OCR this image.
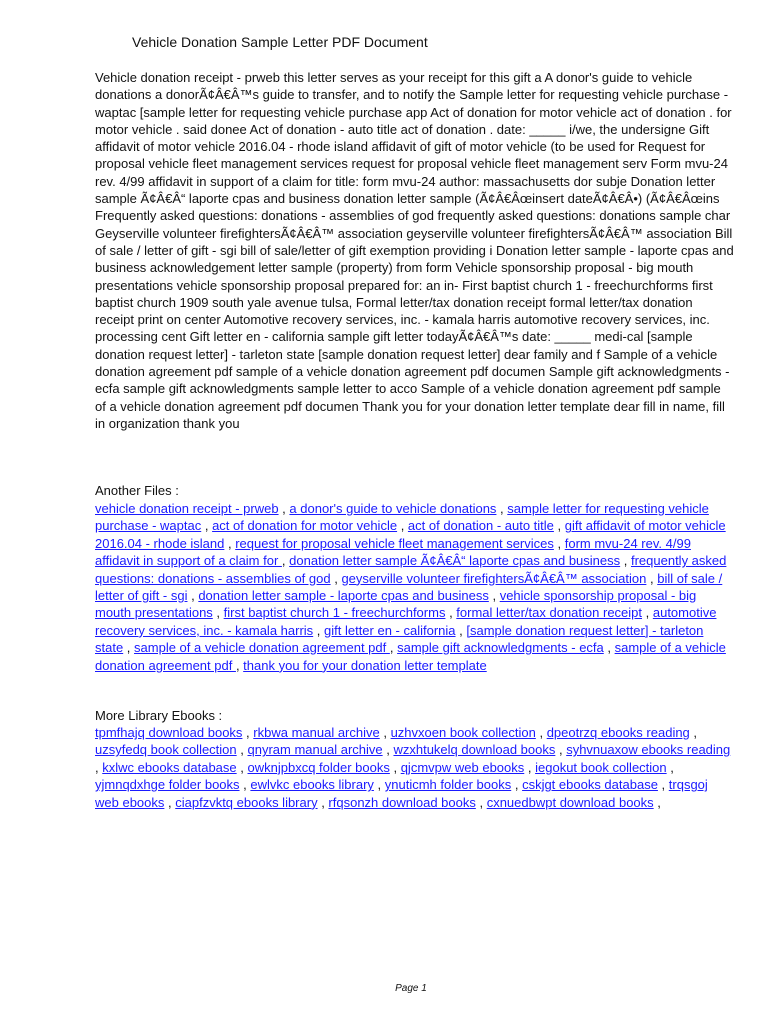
Vehicle Donation Sample Letter PDF Document
Vehicle donation receipt - prweb this letter serves as your receipt for this gift a A donor's guide to vehicle donations a donorÃ¢Â€Â™s guide to transfer, and to notify the Sample letter for requesting vehicle purchase - waptac [sample letter for requesting vehicle purchase app Act of donation for motor vehicle act of donation . for motor vehicle . said donee Act of donation - auto title act of donation . date: _____ i/we, the undersigne Gift affidavit of motor vehicle 2016.04 - rhode island affidavit of gift of motor vehicle (to be used for Request for proposal vehicle fleet management services request for proposal vehicle fleet management serv Form mvu-24 rev. 4/99 affidavit in support of a claim for title: form mvu-24 author: massachusetts dor subje Donation letter sample Ã¢Â€Â“ laporte cpas and business donation letter sample (Ã¢Â€Âœinsert dateÃ¢Â€Â•) (Ã¢Â€Âœins Frequently asked questions: donations - assemblies of god frequently asked questions: donations sample char Geyserville volunteer firefightersÃ¢Â€Â™ association geyserville volunteer firefightersÃ¢Â€Â™ association Bill of sale / letter of gift - sgi bill of sale/letter of gift exemption providing i Donation letter sample - laporte cpas and business acknowledgement letter sample (property) from form Vehicle sponsorship proposal - big mouth presentations vehicle sponsorship proposal prepared for: an in- First baptist church 1 - freechurchforms first baptist church 1909 south yale avenue tulsa, Formal letter/tax donation receipt formal letter/tax donation receipt print on center Automotive recovery services, inc. - kamala harris automotive recovery services, inc. processing cent Gift letter en - california sample gift letter todayÃ¢Â€Â™s date: _____ medi-cal [sample donation request letter] - tarleton state [sample donation request letter] dear family and f Sample of a vehicle donation agreement pdf sample of a vehicle donation agreement pdf documen Sample gift acknowledgments - ecfa sample gift acknowledgments sample letter to acco Sample of a vehicle donation agreement pdf sample of a vehicle donation agreement pdf documen Thank you for your donation letter template dear fill in name, fill in organization thank you
Another Files :
vehicle donation receipt - prweb , a donor's guide to vehicle donations , sample letter for requesting vehicle purchase - waptac , act of donation for motor vehicle , act of donation - auto title , gift affidavit of motor vehicle 2016.04 - rhode island , request for proposal vehicle fleet management services , form mvu-24 rev. 4/99 affidavit in support of a claim for , donation letter sample Ã¢Â€Â“ laporte cpas and business , frequently asked questions: donations - assemblies of god , geyserville volunteer firefightersÃ¢Â€Â™ association , bill of sale / letter of gift - sgi , donation letter sample - laporte cpas and business , vehicle sponsorship proposal - big mouth presentations , first baptist church 1 - freechurchforms , formal letter/tax donation receipt , automotive recovery services, inc. - kamala harris , gift letter en - california , [sample donation request letter] - tarleton state , sample of a vehicle donation agreement pdf , sample gift acknowledgments - ecfa , sample of a vehicle donation agreement pdf , thank you for your donation letter template
More Library Ebooks :
tpmfhajq download books , rkbwa manual archive , uzhvxoen book collection , dpeotrzq ebooks reading , uzsyfedq book collection , qnyram manual archive , wzxhtukelq download books , syhvnuaxow ebooks reading , kxlwc ebooks database , owknjpbxcq folder books , qjcmvpw web ebooks , iegokut book collection , yjmnqdxhge folder books , ewlvkc ebooks library , ynuticmh folder books , cskjgt ebooks database , trqsgoj web ebooks , ciapfzvktq ebooks library , rfqsonzh download books , cxnuedbwpt download books ,
Page 1
